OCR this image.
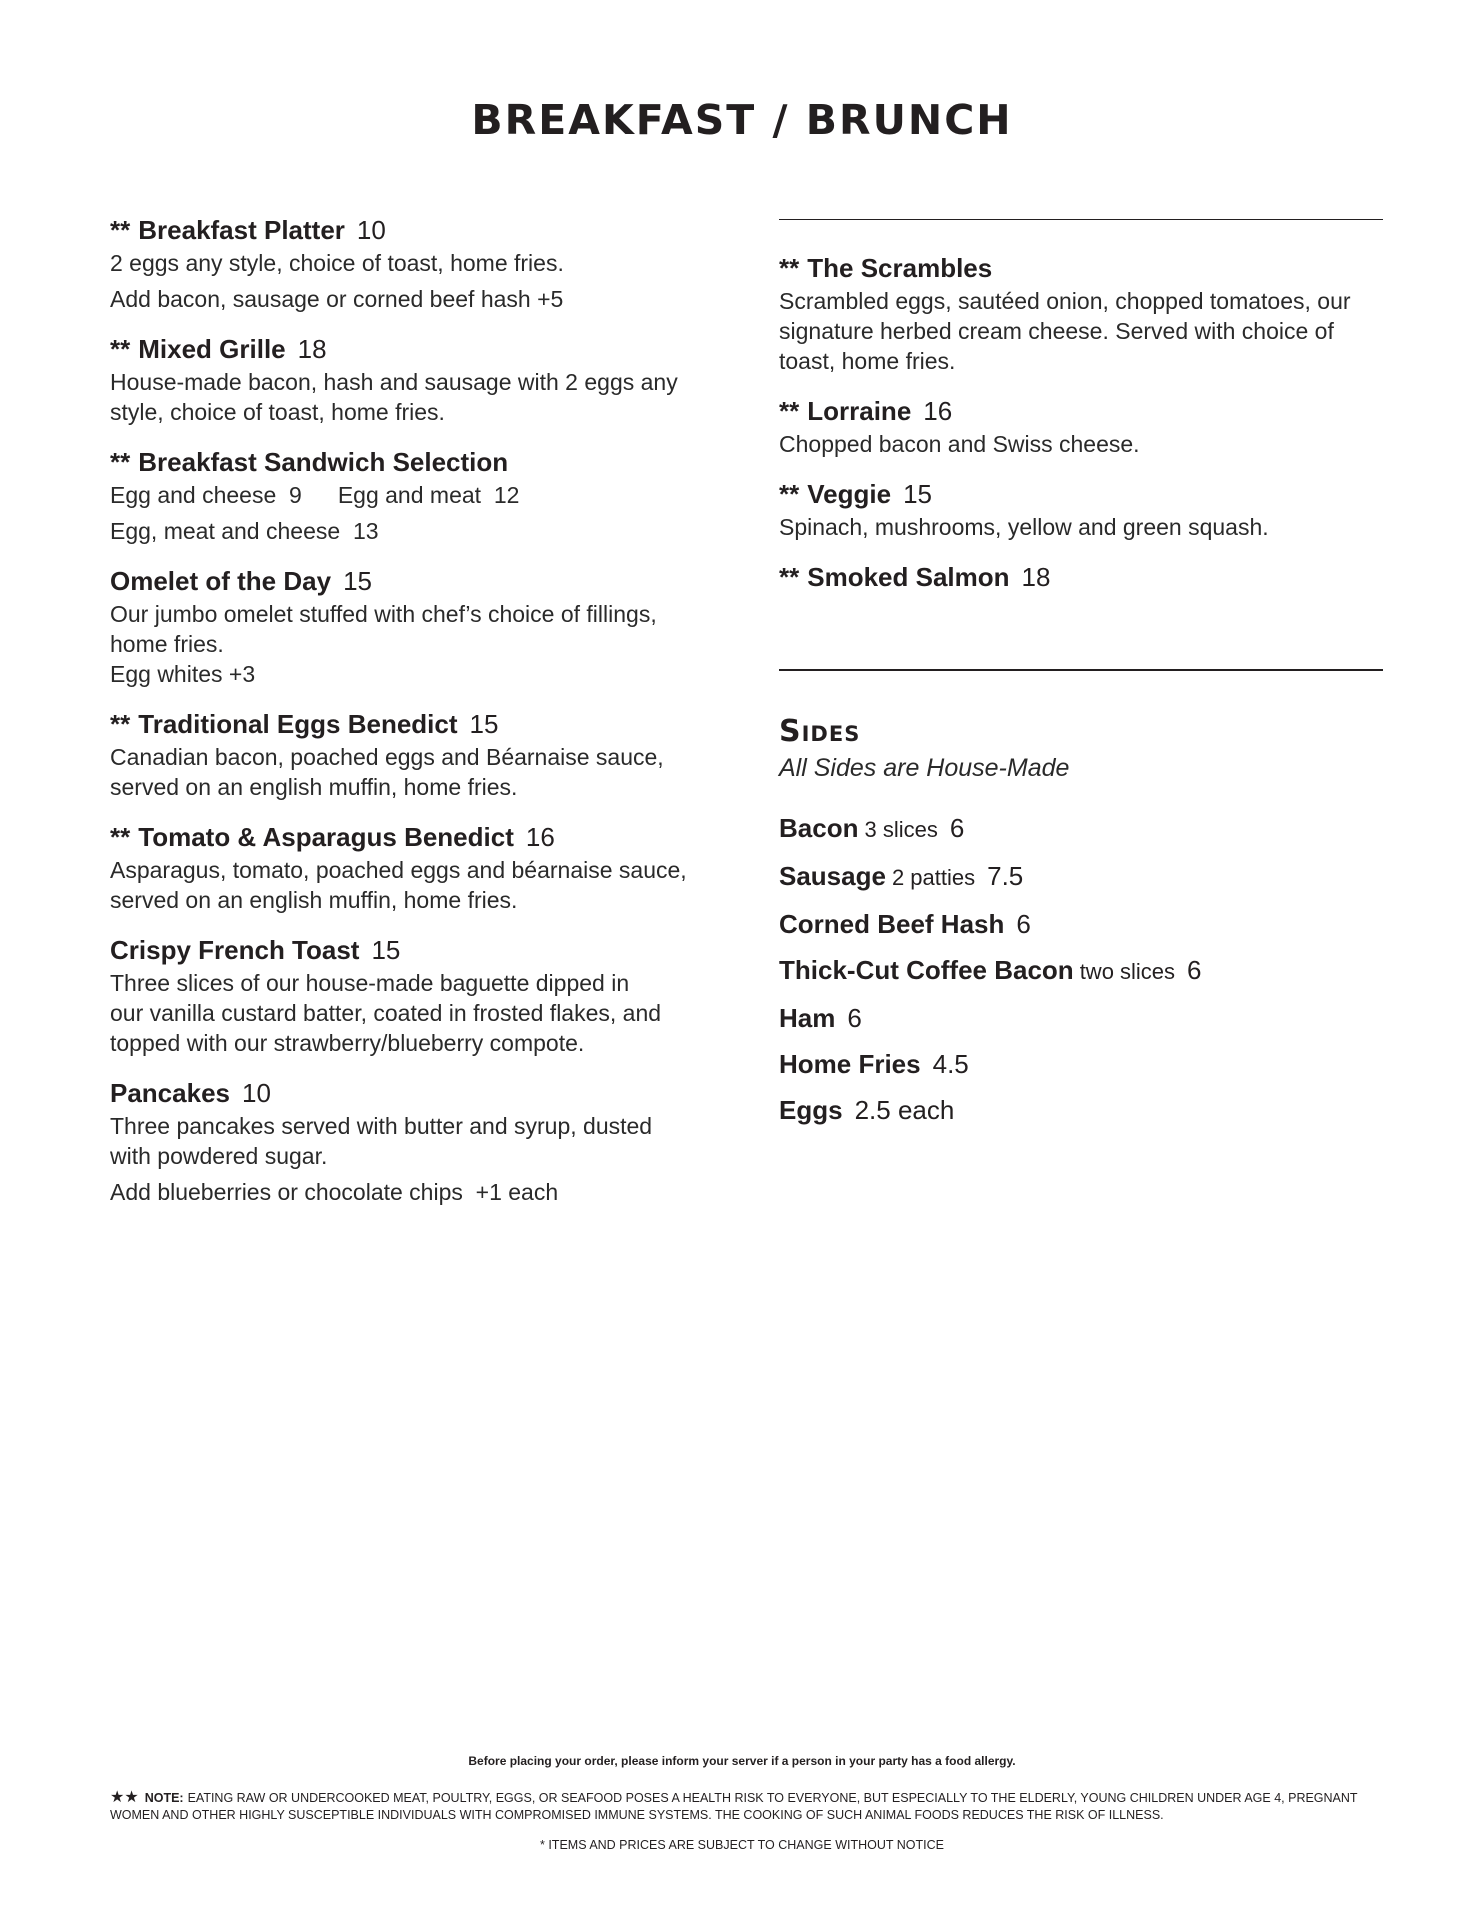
BREAKFAST / BRUNCH
** Breakfast Platter 10
2 eggs any style, choice of toast, home fries.
Add bacon, sausage or corned beef hash +5
** Mixed Grille 18
House-made bacon, hash and sausage with 2 eggs any
style, choice of toast, home fries.
** Breakfast Sandwich Selection
Egg and cheese  9 Egg and meat  12
Egg, meat and cheese  13
Omelet of the Day 15
Our jumbo omelet stuffed with chef’s choice of fillings,
home fries.
Egg whites +3
** Traditional Eggs Benedict 15
Canadian bacon, poached eggs and Béarnaise sauce,
served on an english muffin, home fries.
** Tomato & Asparagus Benedict 16
Asparagus, tomato, poached eggs and béarnaise sauce,
served on an english muffin, home fries.
Crispy French Toast 15
Three slices of our house-made baguette dipped in
our vanilla custard batter, coated in frosted flakes, and
topped with our strawberry/blueberry compote.
Pancakes 10
Three pancakes served with butter and syrup, dusted
with powdered sugar.
Add blueberries or chocolate chips  +1 each
** The Scrambles
Scrambled eggs, sautéed onion, chopped tomatoes, our
signature herbed cream cheese. Served with choice of
toast, home fries.
** Lorraine 16
Chopped bacon and Swiss cheese.
** Veggie 15
Spinach, mushrooms, yellow and green squash.
** Smoked Salmon 18
Sides
All Sides are House-Made
Bacon 3 slices 6
Sausage 2 patties 7.5
Corned Beef Hash 6
Thick-Cut Coffee Bacon two slices 6
Ham 6
Home Fries 4.5
Eggs 2.5 each
Before placing your order, please inform your server if a person in your party has a food allergy.
★★ NOTE: EATING RAW OR UNDERCOOKED MEAT, POULTRY, EGGS, OR SEAFOOD POSES A HEALTH RISK TO EVERYONE, BUT ESPECIALLY TO THE ELDERLY, YOUNG CHILDREN UNDER AGE 4, PREGNANT WOMEN AND OTHER HIGHLY SUSCEPTIBLE INDIVIDUALS WITH COMPROMISED IMMUNE SYSTEMS. THE COOKING OF SUCH ANIMAL FOODS REDUCES THE RISK OF ILLNESS.
* ITEMS AND PRICES ARE SUBJECT TO CHANGE WITHOUT NOTICE
